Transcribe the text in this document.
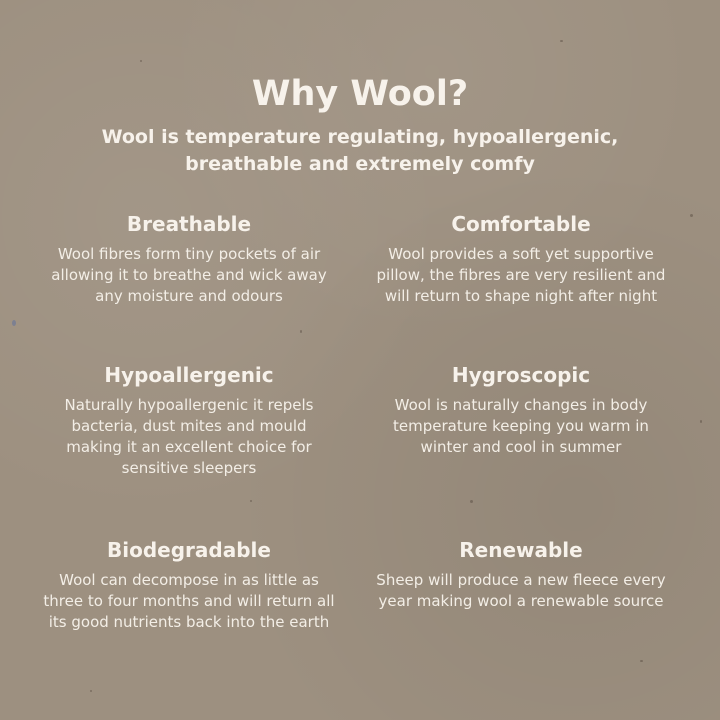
Why Wool?
Wool is temperature regulating, hypoallergenic,
breathable and extremely comfy
Breathable

Wool fibres form tiny pockets of air
allowing it to breathe and wick away
any moisture and odours

Comfortable

Wool provides a soft yet supportive
pillow, the fibres are very resilient and
will return to shape night after night

Hypoallergenic

Naturally hypoallergenic it repels
bacteria, dust mites and mould
making it an excellent choice for
sensitive sleepers

Hygroscopic

Wool is naturally changes in body
temperature keeping you warm in
winter and cool in summer

Biodegradable

Wool can decompose in as little as
three to four months and will return all
its good nutrients back into the earth

Renewable

Sheep will produce a new fleece every
year making wool a renewable source
